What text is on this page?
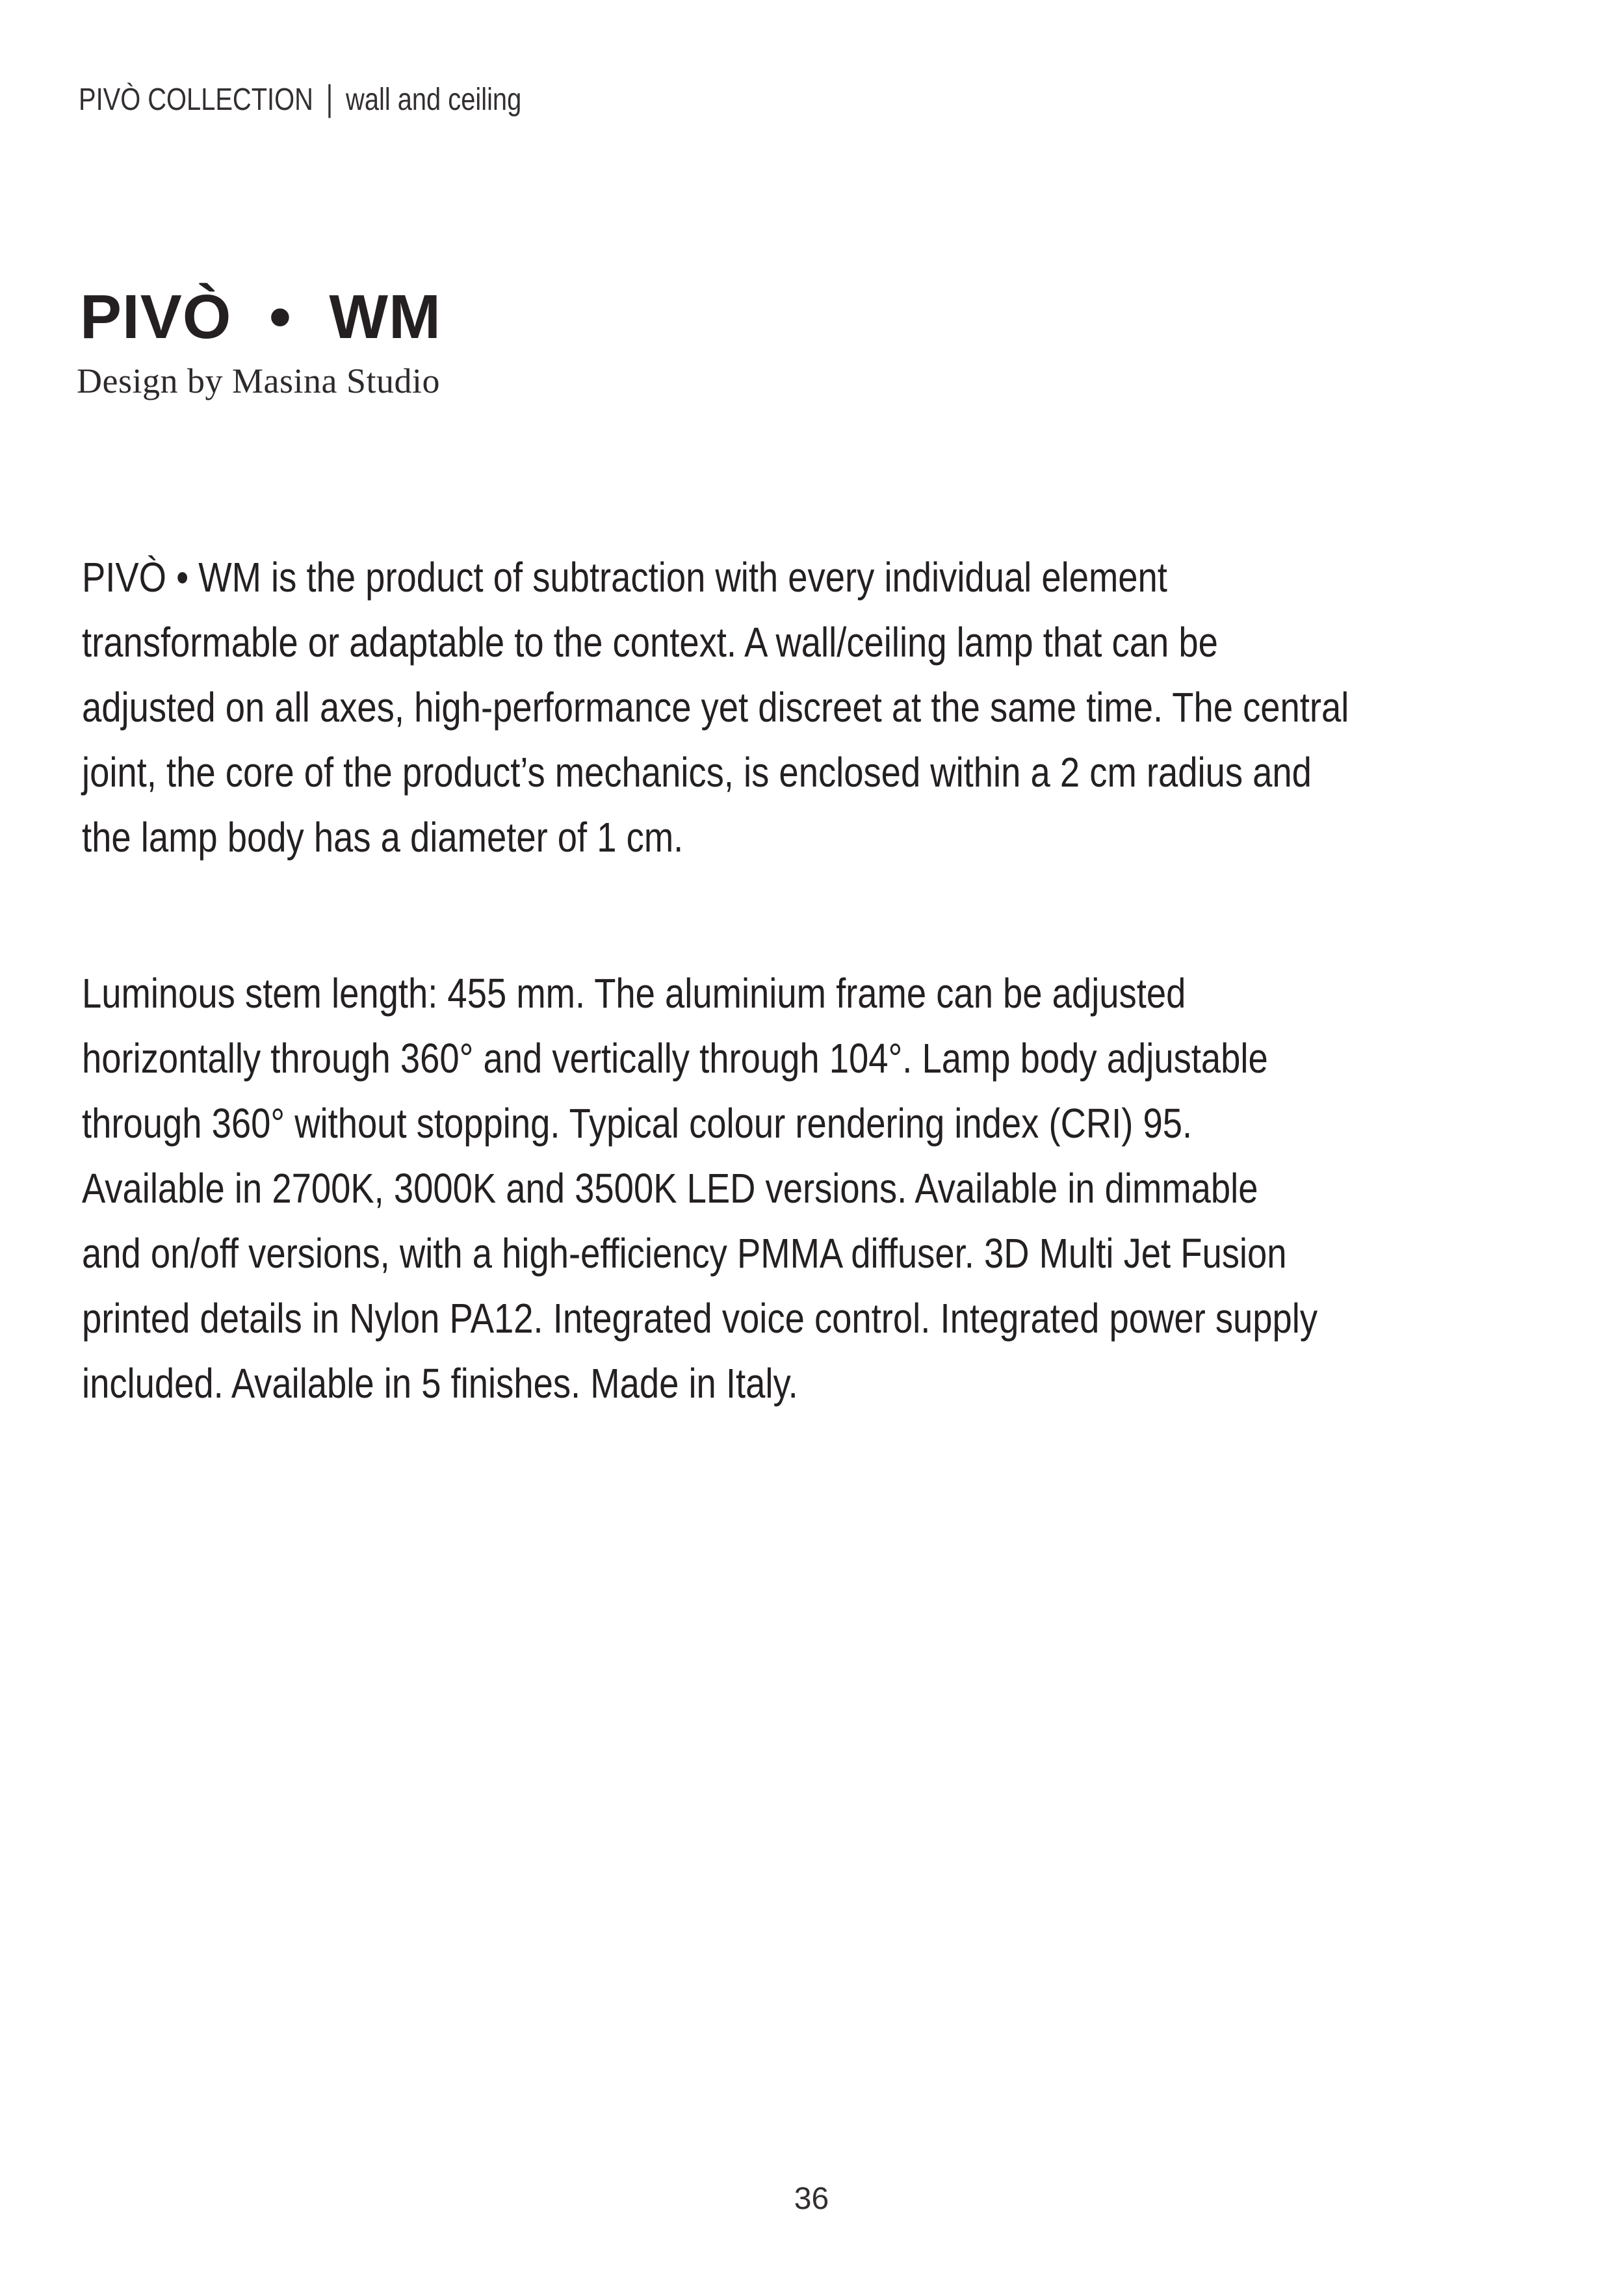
PIVÒ COLLECTION | wall and ceiling
PIVÒ • WM

Design by Masina Studio

PIVÒ • WM is the product of subtraction with every individual element
transformable or adaptable to the context. A wall/ceiling lamp that can be
adjusted on all axes, high-performance yet discreet at the same time. The central
joint, the core of the product’s mechanics, is enclosed within a 2 cm radius and
the lamp body has a diameter of 1 cm.

Luminous stem length: 455 mm. The aluminium frame can be adjusted
horizontally through 360° and vertically through 104°. Lamp body adjustable
through 360° without stopping. Typical colour rendering index (CRI) 95.
Available in 2700K, 3000K and 3500K LED versions. Available in dimmable
and on/off versions, with a high-efficiency PMMA diffuser. 3D Multi Jet Fusion
printed details in Nylon PA12. Integrated voice control. Integrated power supply
included. Available in 5 finishes. Made in Italy.

36
